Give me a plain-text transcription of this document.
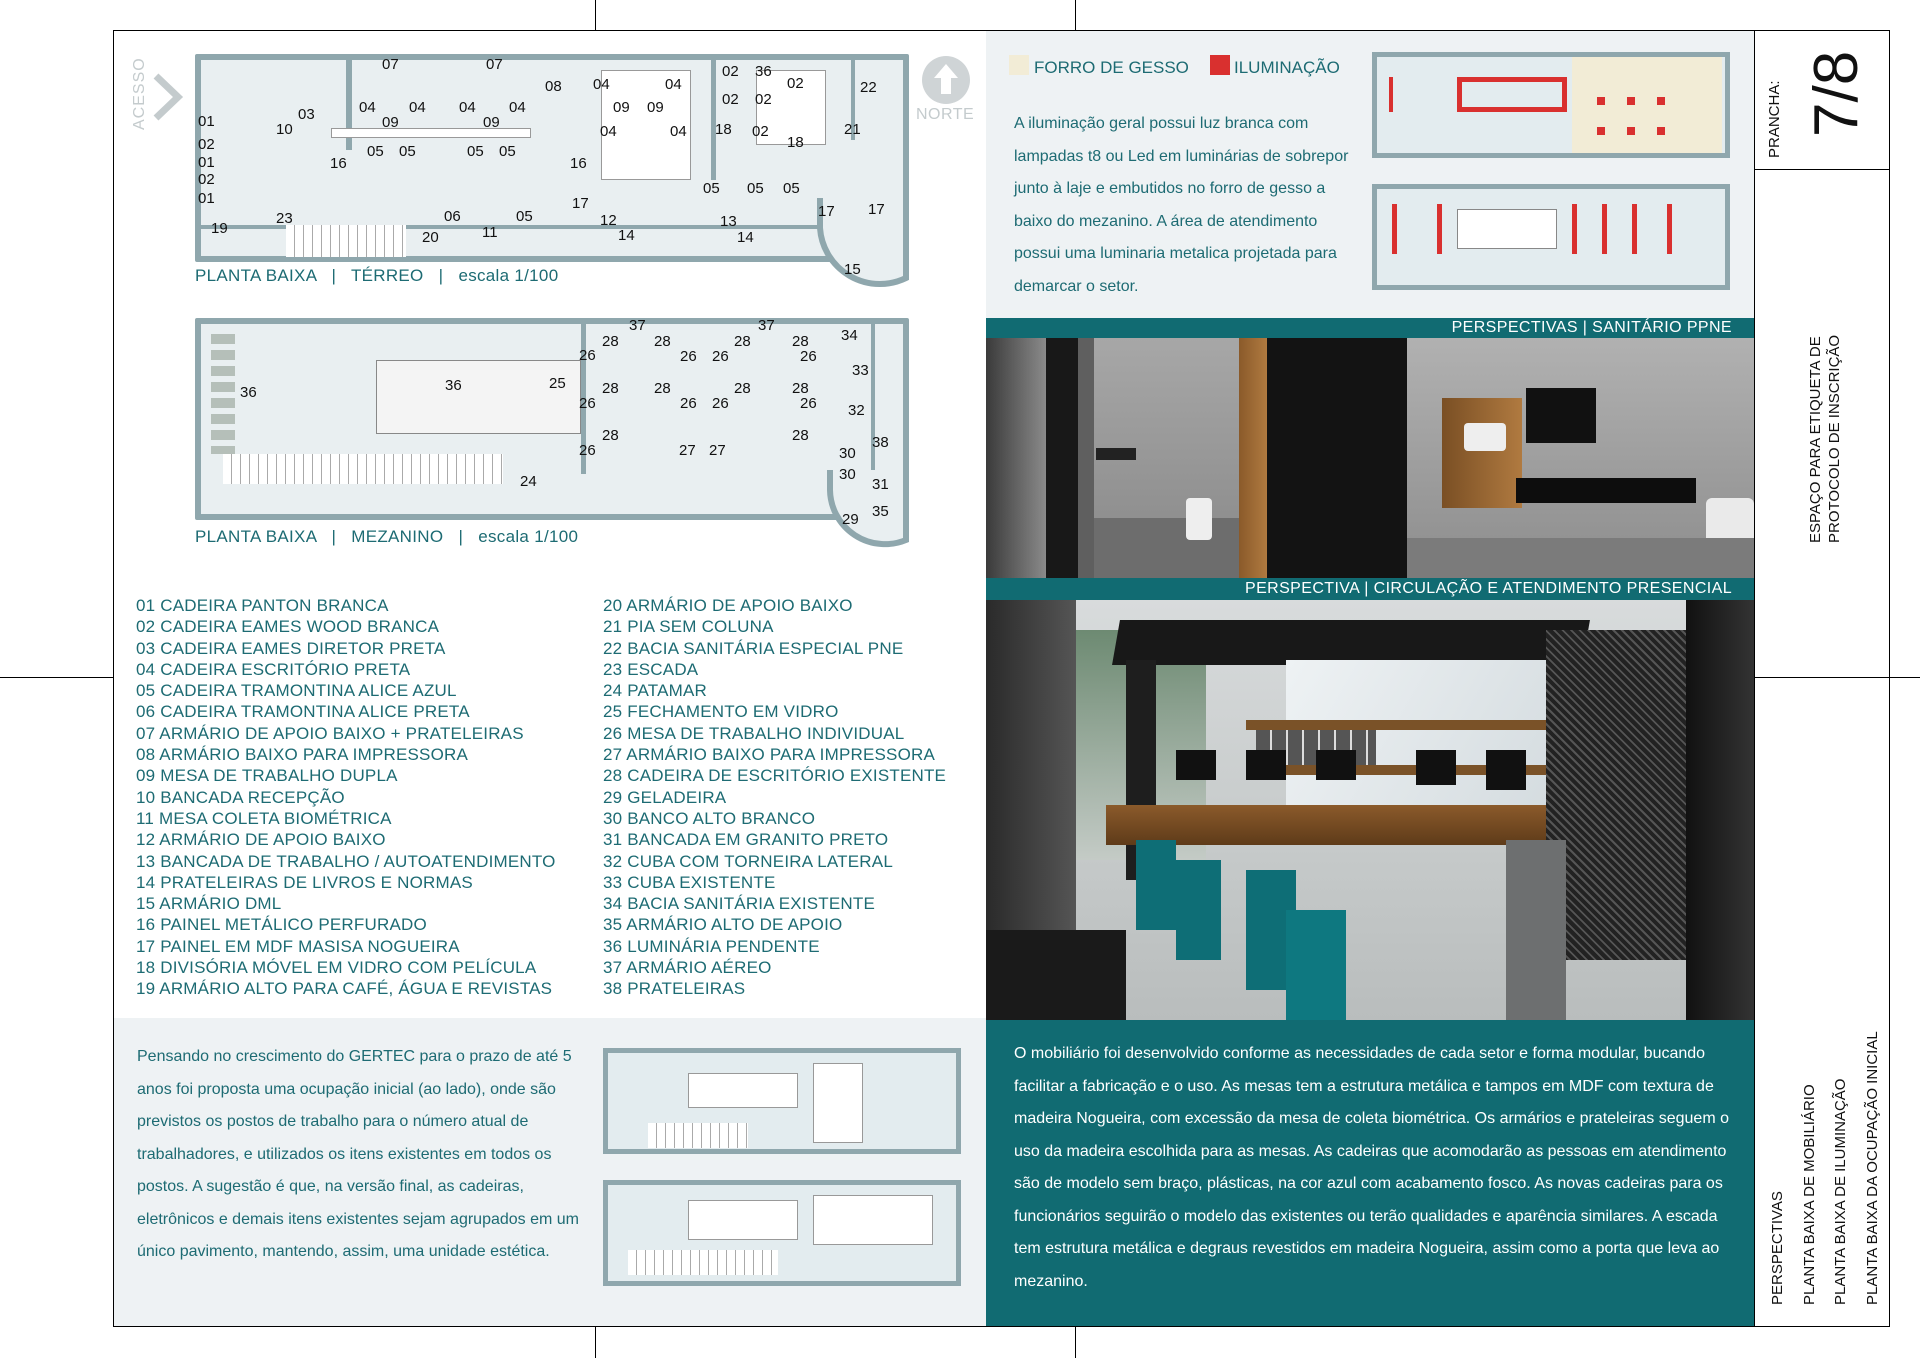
PRANCHA: 7/8
ESPAÇO PARA ETIQUETA DE PROTOCOLO DE INSCRIÇÃO
PERSPECTIVAS PLANTA BAIXA DE MOBILIÁRIO PLANTA BAIXA DE ILUMINAÇÃO PLANTA BAIXA DA OCUPAÇÃO INICIAL
ACESSO	NORTE
07	07
08
02 36
02	22
03	04 04 04 04
04	04
09 09	02 02
01	10	09	09	21
02	05 05	05 05
04	04 18 02
18
01	16	16
02
17
05 05 05
01
19
23
20
06
11
05
17
12
14
13
14
17
15
PLANTA BAIXA   |   TÉRREO   |   escala 1/100
37	37
28 28	28	34
26	26 26
28
26
36	36	25 28 28	28	28
33
26	26 26	26 32
28	28
27 27
26	38
30
30
24	31
29 35
PLANTA BAIXA   |   MEZANINO   |   escala 1/100
01 CADEIRA PANTON BRANCA
02 CADEIRA EAMES WOOD BRANCA
03 CADEIRA EAMES DIRETOR PRETA
04 CADEIRA ESCRITÓRIO PRETA
05 CADEIRA TRAMONTINA ALICE AZUL
06 CADEIRA TRAMONTINA ALICE PRETA
07 ARMÁRIO DE APOIO BAIXO + PRATELEIRAS
08 ARMÁRIO BAIXO PARA IMPRESSORA
09 MESA DE TRABALHO DUPLA
10 BANCADA RECEPÇÃO
11 MESA COLETA BIOMÉTRICA
12 ARMÁRIO DE APOIO BAIXO
13 BANCADA DE TRABALHO / AUTOATENDIMENTO
14 PRATELEIRAS DE LIVROS E NORMAS
15 ARMÁRIO DML
16 PAINEL METÁLICO PERFURADO
17 PAINEL EM MDF MASISA NOGUEIRA
18 DIVISÓRIA MÓVEL EM VIDRO COM PELÍCULA
19 ARMÁRIO ALTO PARA CAFÉ, ÁGUA E REVISTAS
20 ARMÁRIO DE APOIO BAIXO
21 PIA SEM COLUNA
22 BACIA SANITÁRIA ESPECIAL PNE
23 ESCADA
24 PATAMAR
25 FECHAMENTO EM VIDRO
26 MESA DE TRABALHO INDIVIDUAL
27 ARMÁRIO BAIXO PARA IMPRESSORA
28 CADEIRA DE ESCRITÓRIO EXISTENTE
29 GELADEIRA
30 BANCO ALTO BRANCO
31 BANCADA EM GRANITO PRETO
32 CUBA COM TORNEIRA LATERAL
33 CUBA EXISTENTE
34 BACIA SANITÁRIA EXISTENTE
35 ARMÁRIO ALTO DE APOIO
36 LUMINÁRIA PENDENTE
37 ARMÁRIO AÉREO
38 PRATELEIRAS
FORRO DE GESSO	ILUMINAÇÃO
A iluminação geral possui luz branca com lampadas t8 ou Led em luminárias de sobrepor junto à laje e embutidos no forro de gesso a baixo do mezanino. A área de atendimento possui uma luminaria metalica projetada para demarcar o setor.
PERSPECTIVAS | SANITÁRIO PPNE
PERSPECTIVA | CIRCULAÇÃO E ATENDIMENTO PRESENCIAL
Pensando no crescimento do GERTEC para o prazo de até 5 anos foi proposta uma ocupação inicial (ao lado), onde são previstos os postos de trabalho para o número atual de trabalhadores, e utilizados os itens existentes em todos os postos. A sugestão é que, na versão final, as cadeiras, eletrônicos e demais itens existentes sejam agrupados em um único pavimento, mantendo, assim, uma unidade estética.
O mobiliário foi desenvolvido conforme as necessidades de cada setor e forma modular, bucando facilitar a fabricação e o uso. As mesas tem a estrutura metálica e tampos em MDF com textura de madeira Nogueira, com excessão da mesa de coleta biométrica. Os armários e prateleiras seguem o uso da madeira escolhida para as mesas. As cadeiras que acomodarão as pessoas em atendimento são de modelo sem braço, plásticas, na cor azul com acabamento fosco. As novas cadeiras para os funcionários seguirão o modelo das existentes ou terão qualidades e aparência similares. A escada tem estrutura metálica e degraus revestidos em madeira Nogueira, assim como a porta que leva ao mezanino.
